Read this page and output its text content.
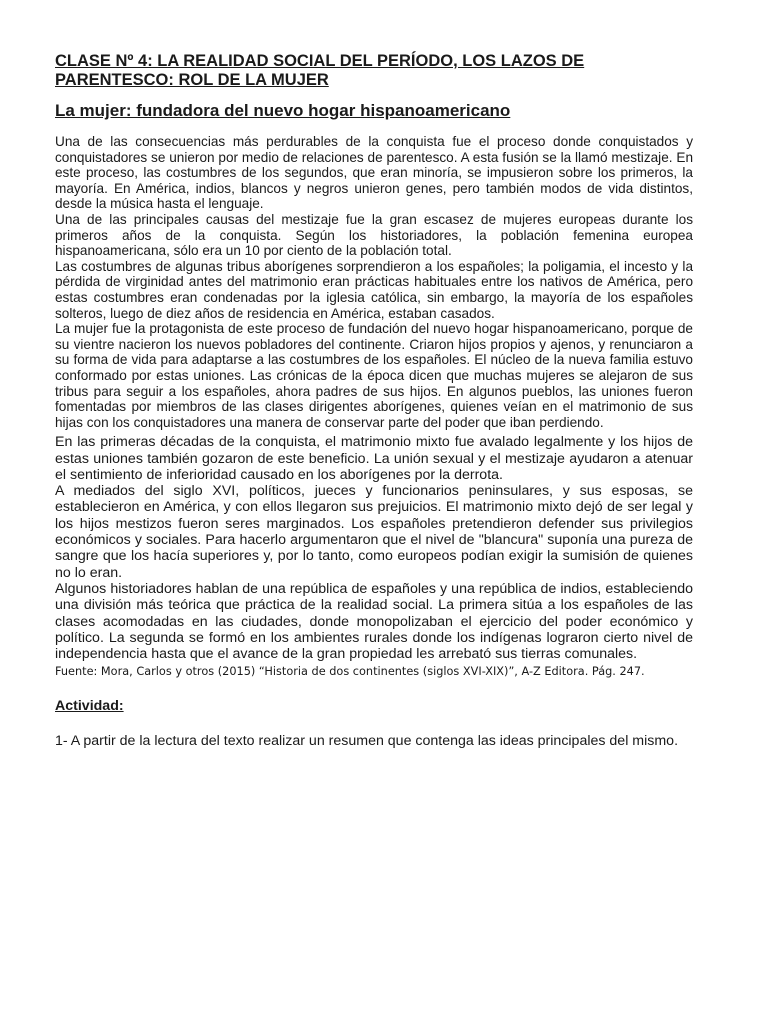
CLASE Nº 4: LA REALIDAD SOCIAL DEL PERÍODO, LOS LAZOS DE PARENTESCO: ROL DE LA MUJER
La mujer: fundadora del nuevo hogar hispanoamericano

Una de las consecuencias más perdurables de la conquista fue el proceso donde conquistados y conquistadores se unieron por medio de relaciones de parentesco. A esta fusión se la llamó mestizaje. En este proceso, las costumbres de los segundos, que eran minoría, se impusieron sobre los primeros, la mayoría. En América, indios, blancos y negros unieron genes, pero también modos de vida distintos, desde la música hasta el lenguaje.

Una de las principales causas del mestizaje fue la gran escasez de mujeres europeas durante los primeros años de la conquista. Según los historiadores, la población femenina europea hispanoamericana, sólo era un 10 por ciento de la población total.

Las costumbres de algunas tribus aborígenes sorprendieron a los españoles; la poligamia, el incesto y la pérdida de virginidad antes del matrimonio eran prácticas habituales entre los nativos de América, pero estas costumbres eran condenadas por la iglesia católica, sin embargo, la mayoría de los españoles solteros, luego de diez años de residencia en América, estaban casados.

La mujer fue la protagonista de este proceso de fundación del nuevo hogar hispanoamericano, porque de su vientre nacieron los nuevos pobladores del continente. Criaron hijos propios y ajenos, y renunciaron a su forma de vida para adaptarse a las costumbres de los españoles. El núcleo de la nueva familia estuvo conformado por estas uniones. Las crónicas de la época dicen que muchas mujeres se alejaron de sus tribus para seguir a los españoles, ahora padres de sus hijos. En algunos pueblos, las uniones fueron fomentadas por miembros de las clases dirigentes aborígenes, quienes veían en el matrimonio de sus hijas con los conquistadores una manera de conservar parte del poder que iban perdiendo.

En las primeras décadas de la conquista, el matrimonio mixto fue avalado legalmente y los hijos de estas uniones también gozaron de este beneficio. La unión sexual y el mestizaje ayudaron a atenuar el sentimiento de inferioridad causado en los aborígenes por la derrota.

A mediados del siglo XVI, políticos, jueces y funcionarios peninsulares, y sus esposas, se establecieron en América, y con ellos llegaron sus prejuicios. El matrimonio mixto dejó de ser legal y los hijos mestizos fueron seres marginados. Los españoles pretendieron defender sus privilegios económicos y sociales. Para hacerlo argumentaron que el nivel de "blancura" suponía una pureza de sangre que los hacía superiores y, por lo tanto, como europeos podían exigir la sumisión de quienes no lo eran.

Algunos historiadores hablan de una república de españoles y una república de indios, estableciendo una división más teórica que práctica de la realidad social. La primera sitúa a los españoles de las clases acomodadas en las ciudades, donde monopolizaban el ejercicio del poder económico y político. La segunda se formó en los ambientes rurales donde los indígenas lograron cierto nivel de independencia hasta que el avance de la gran propiedad les arrebató sus tierras comunales.

Fuente: Mora, Carlos y otros (2015) “Historia de dos continentes (siglos XVI-XIX)”, A-Z Editora. Pág. 247.

Actividad:

1- A partir de la lectura del texto realizar un resumen que contenga las ideas principales del mismo.
